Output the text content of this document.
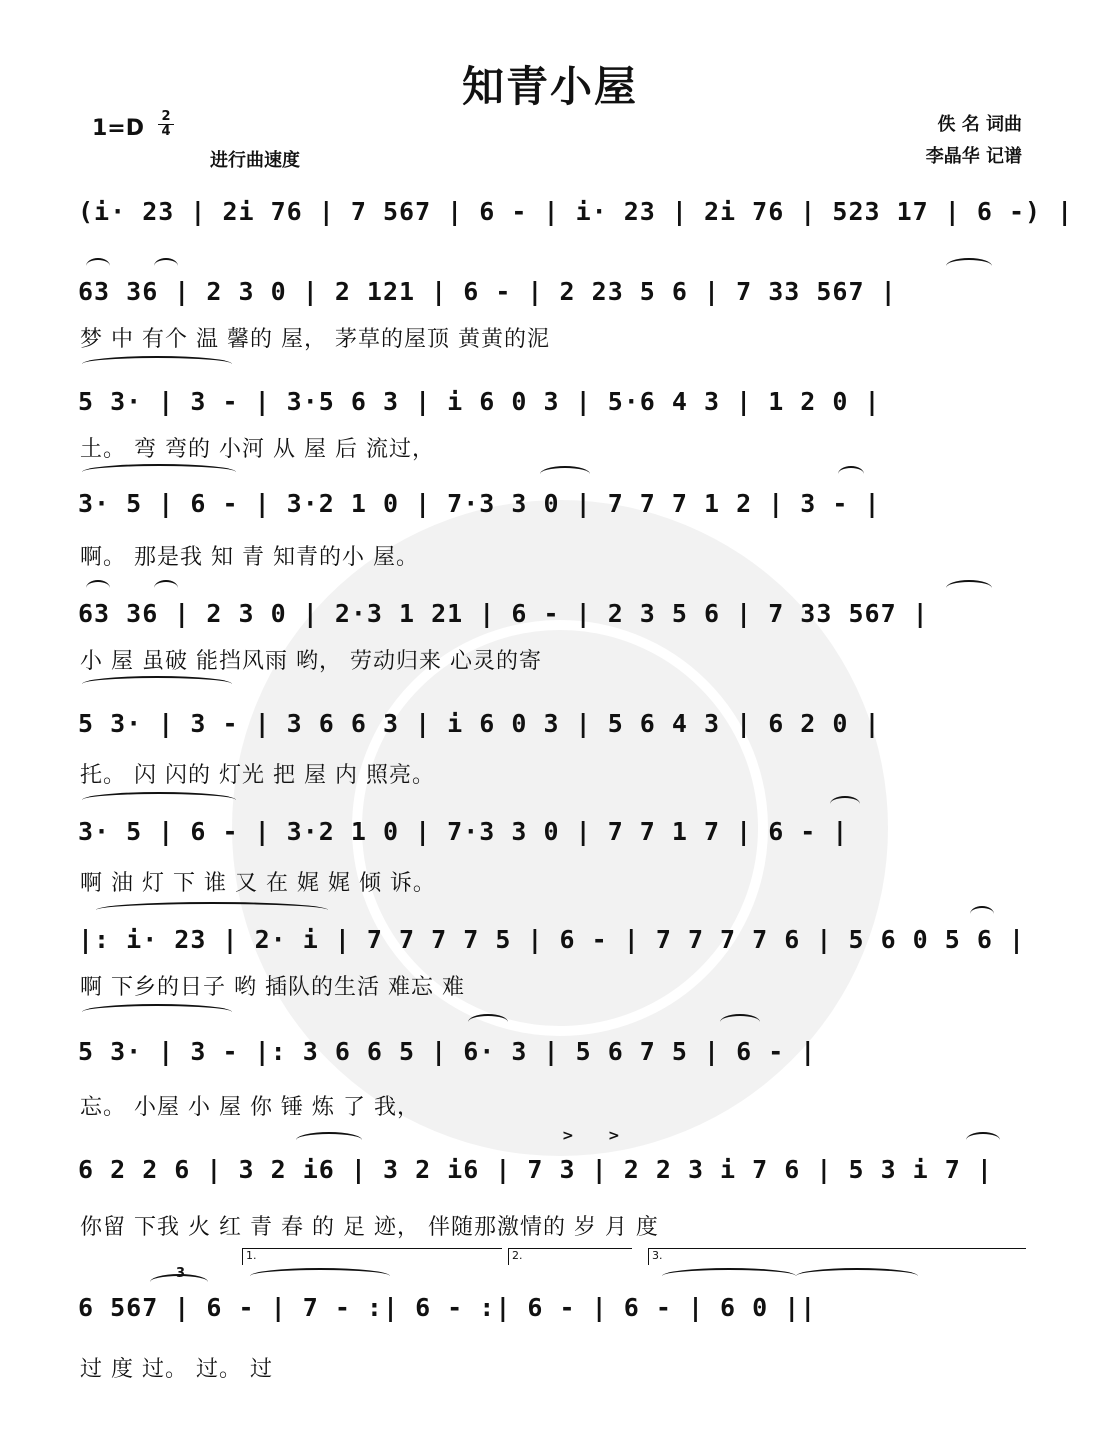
知青小屋
1=D 2
4
进行曲速度
佚 名 词曲
李晶华 记谱
(i· 23 | 2i 76 | 7 567 | 6 - | i· 23 | 2i 76 | 523 17 | 6 -) |
63 36 | 2 3 0 | 2 121 | 6 - | 2 23 5 6 | 7 33 567 |
梦 中 有个 温 馨的 屋， 茅草的屋顶 黄黄的泥
5 3· | 3 - | 3·5 6 3 | i 6 0 3 | 5·6 4 3 | 1 2 0 |
土。 弯 弯的 小河 从 屋 后 流过，
3· 5 | 6 - | 3·2 1 0 | 7·3 3 0 | 7 7 7 1 2 | 3 - |
啊。 那是我 知 青 知青的小 屋。
63 36 | 2 3 0 | 2·3 1 21 | 6 - | 2 3 5 6 | 7 33 567 |
小 屋 虽破 能挡风雨 哟， 劳动归来 心灵的寄
5 3· | 3 - | 3 6 6 3 | i 6 0 3 | 5 6 4 3 | 6 2 0 |
托。 闪 闪的 灯光 把 屋 内 照亮。
3· 5 | 6 - | 3·2 1 0 | 7·3 3 0 | 7 7 1 7 | 6 - |
啊 油 灯 下 谁 又 在 娓 娓 倾 诉。
|: i· 23 | 2· i | 7 7 7 7 5 | 6 - | 7 7 7 7 6 | 5 6 0 5 6 |
啊 下乡的日子 哟 插队的生活 难忘 难
5 3· | 3 - |: 3 6 6 5 | 6· 3 | 5 6 7 5 | 6 - |
忘。 小屋 小 屋 你 锤 炼 了 我，
> >
6 2 2 6 | 3 2 i6 | 3 2 i6 | 7 3 | 2 2 3 i 7 6 | 5 3 i 7 |
你留 下我 火 红 青 春 的 足 迹， 伴随那激情的 岁 月 度
1.	2.	3.
3
6 567 | 6 - | 7 - :| 6 - :| 6 - | 6 - | 6 0 ||
过 度 过。 过。 过
